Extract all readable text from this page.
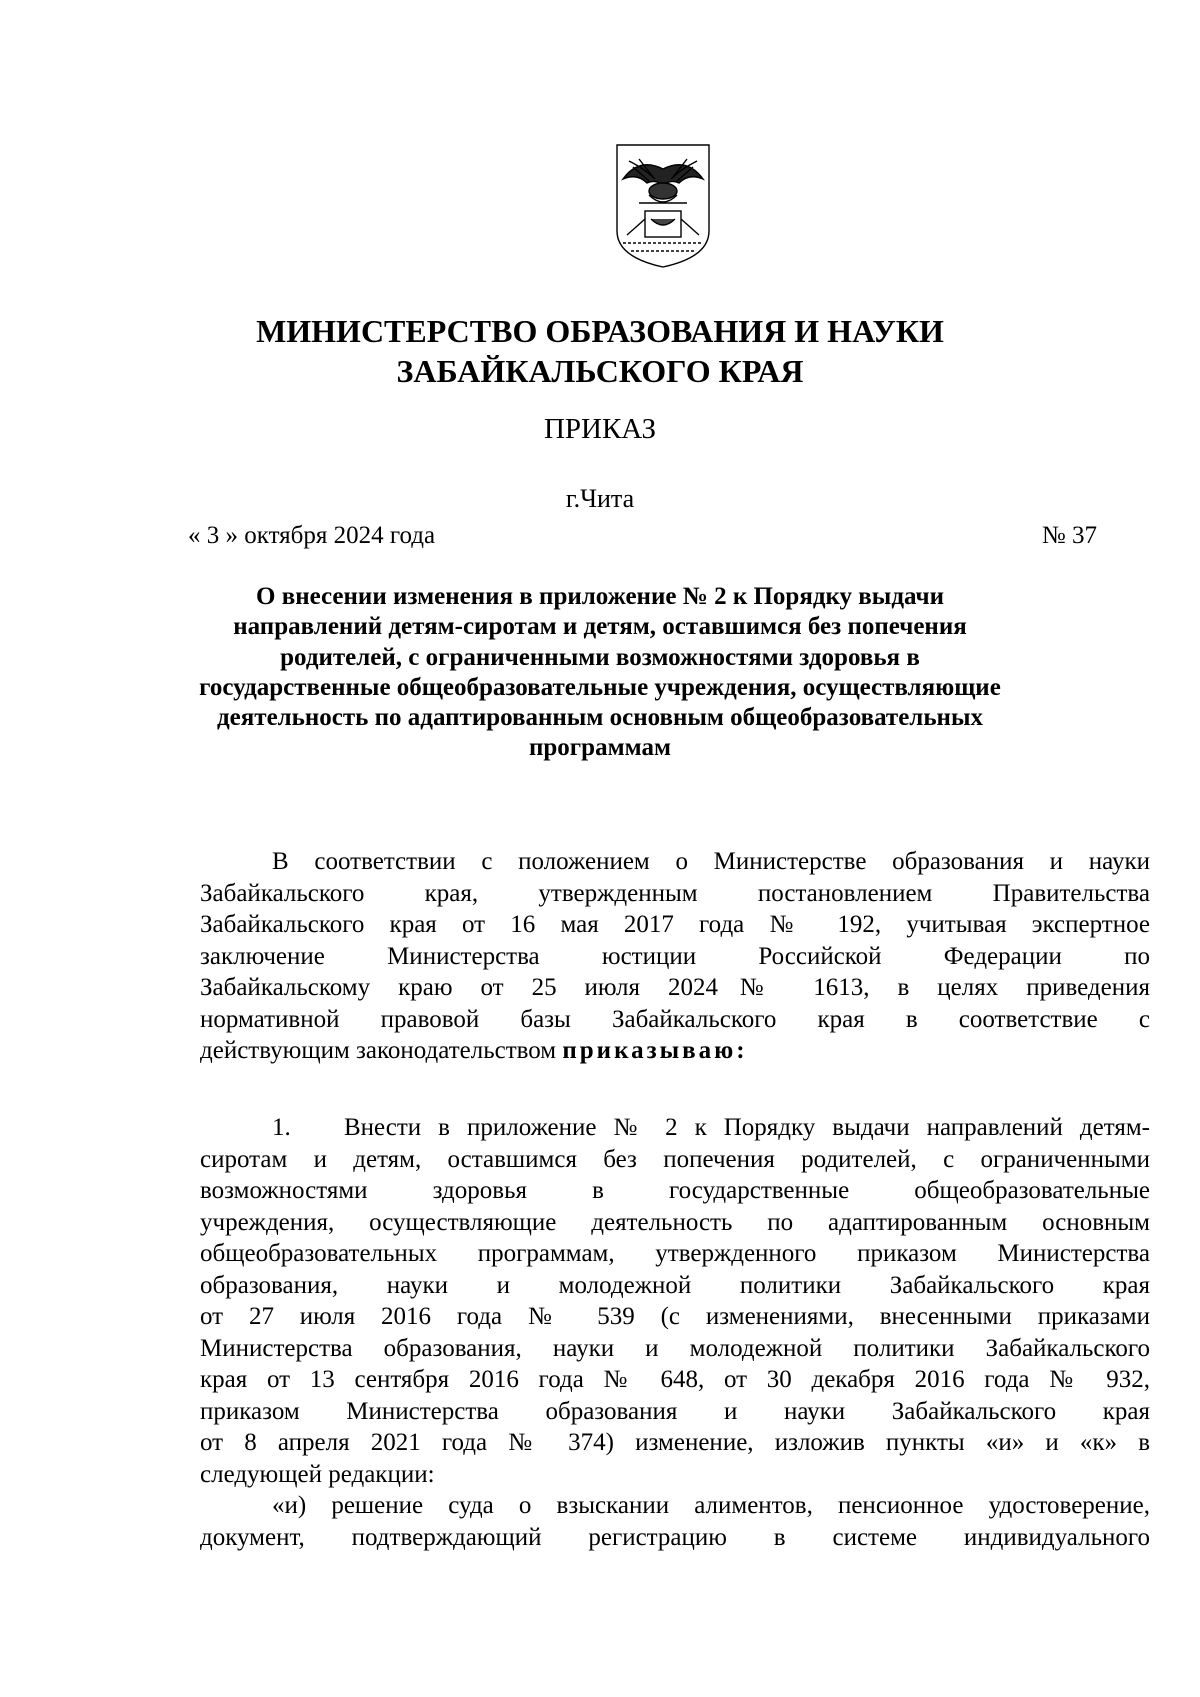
МИНИСТЕРСТВО ОБРАЗОВАНИЯ И НАУКИ
ЗАБАЙКАЛЬСКОГО КРАЯ
ПРИКАЗ
г.Чита
« 3 » октября 2024 года	№ 37
О внесении изменения в приложение № 2 к Порядку выдачи
направлений детям-сиротам и детям, оставшимся без попечения
родителей, с ограниченными возможностями здоровья в
государственные общеобразовательные учреждения, осуществляющие
деятельность по адаптированным основным общеобразовательных
программам
В соответствии с положением о Министерстве образования и науки
Забайкальского края, утвержденным постановлением Правительства
Забайкальского края от 16 мая 2017 года № 192, учитывая экспертное
заключение Министерства юстиции Российской Федерации по
Забайкальскому краю от 25 июля 2024№ 1613, в целях приведения
нормативной правовой базы Забайкальского края в соответствие с
действующим законодательством приказываю:
1. Внести в приложение № 2 к Порядку выдачи направлений детям-
сиротам и детям, оставшимся без попечения родителей, с ограниченными
возможностями здоровья в государственные общеобразовательные
учреждения, осуществляющие деятельность по адаптированным основным
общеобразовательных программам, утвержденного приказом Министерства
образования, науки и молодежной политики Забайкальского края
от 27 июля 2016 года № 539 (с изменениями, внесенными приказами
Министерства образования, науки и молодежной политики Забайкальского
края от 13 сентября 2016 года № 648, от 30 декабря 2016 года № 932,
приказом Министерства образования и науки Забайкальского края
от 8 апреля 2021 года № 374) изменение, изложив пункты «и» и «к» в
следующей редакции:
«и) решение суда о взыскании алиментов, пенсионное удостоверение,
документ, подтверждающий регистрацию в системе индивидуального
